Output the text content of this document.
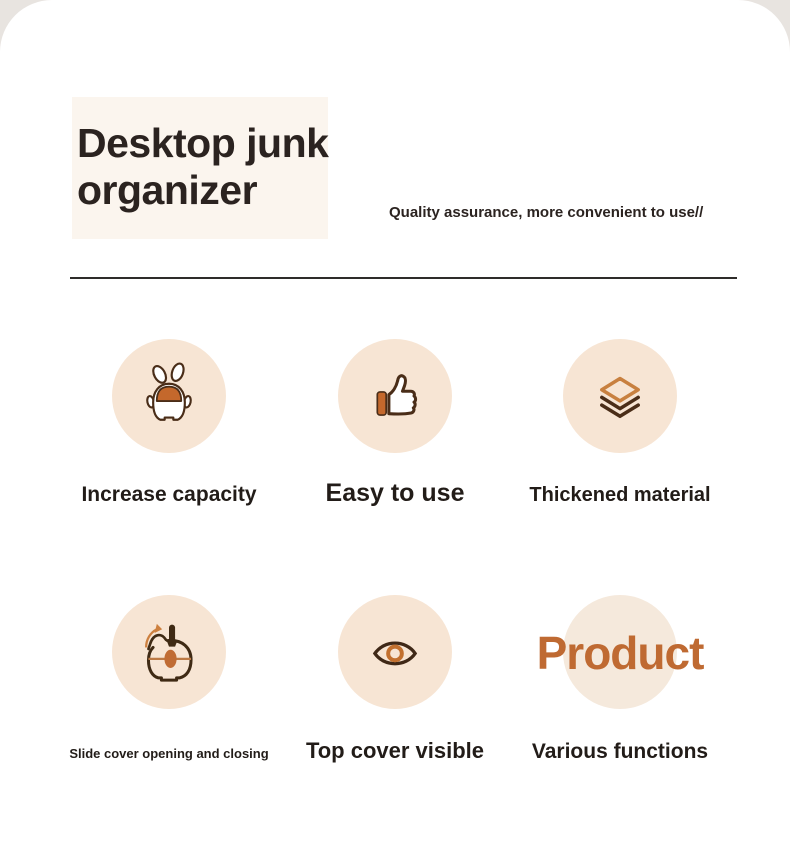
Desktop junk
organizer	Quality assurance, more convenient to use//
Increase capacity	Easy to use	Thickened material
Slide cover opening and closing	Top cover visible
Product
Various functions
